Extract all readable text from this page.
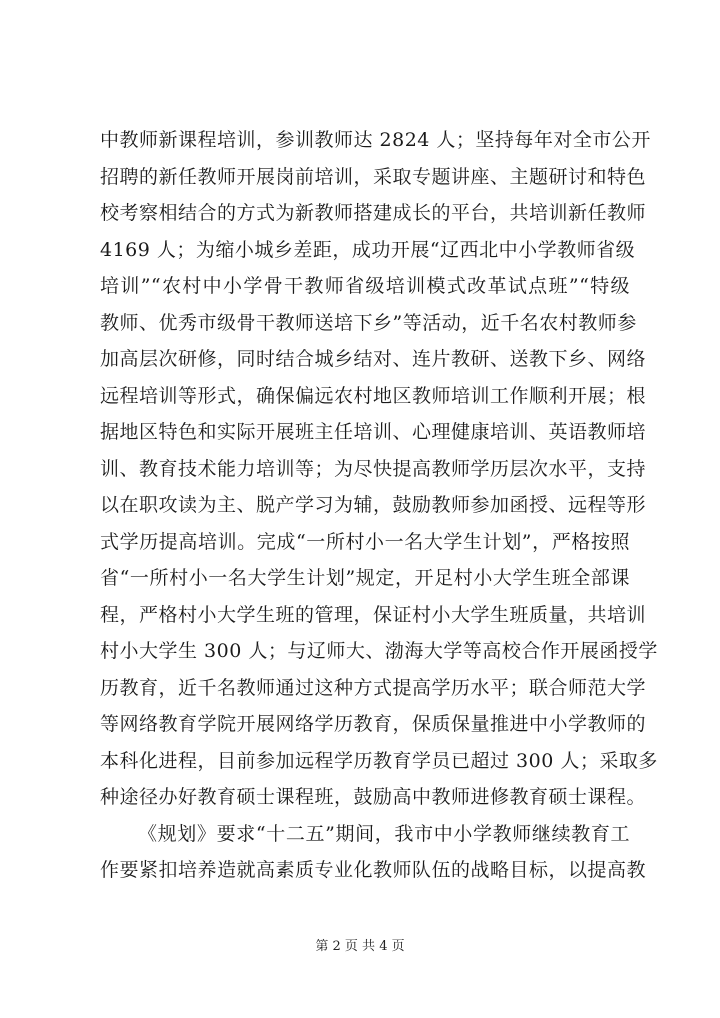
中教师新课程培训，参训教师达 2824 人；坚持每年对全市公开
招聘的新任教师开展岗前培训，采取专题讲座、主题研讨和特色
校考察相结合的方式为新教师搭建成长的平台，共培训新任教师
4169 人；为缩小城乡差距，成功开展“辽西北中小学教师省级
培训”“农村中小学骨干教师省级培训模式改革试点班”“特级
教师、优秀市级骨干教师送培下乡”等活动，近千名农村教师参
加高层次研修，同时结合城乡结对、连片教研、送教下乡、网络
远程培训等形式，确保偏远农村地区教师培训工作顺利开展；根
据地区特色和实际开展班主任培训、心理健康培训、英语教师培
训、教育技术能力培训等；为尽快提高教师学历层次水平，支持
以在职攻读为主、脱产学习为辅，鼓励教师参加函授、远程等形
式学历提高培训。完成“一所村小一名大学生计划”，严格按照
省“一所村小一名大学生计划”规定，开足村小大学生班全部课
程，严格村小大学生班的管理，保证村小大学生班质量，共培训
村小大学生 300 人；与辽师大、渤海大学等高校合作开展函授学
历教育，近千名教师通过这种方式提高学历水平；联合师范大学
等网络教育学院开展网络学历教育，保质保量推进中小学教师的
本科化进程，目前参加远程学历教育学员已超过 300 人；采取多
种途径办好教育硕士课程班，鼓励高中教师进修教育硕士课程。
《规划》要求“十二五”期间，我市中小学教师继续教育工
作要紧扣培养造就高素质专业化教师队伍的战略目标，以提高教
第 2 页 共 4 页
